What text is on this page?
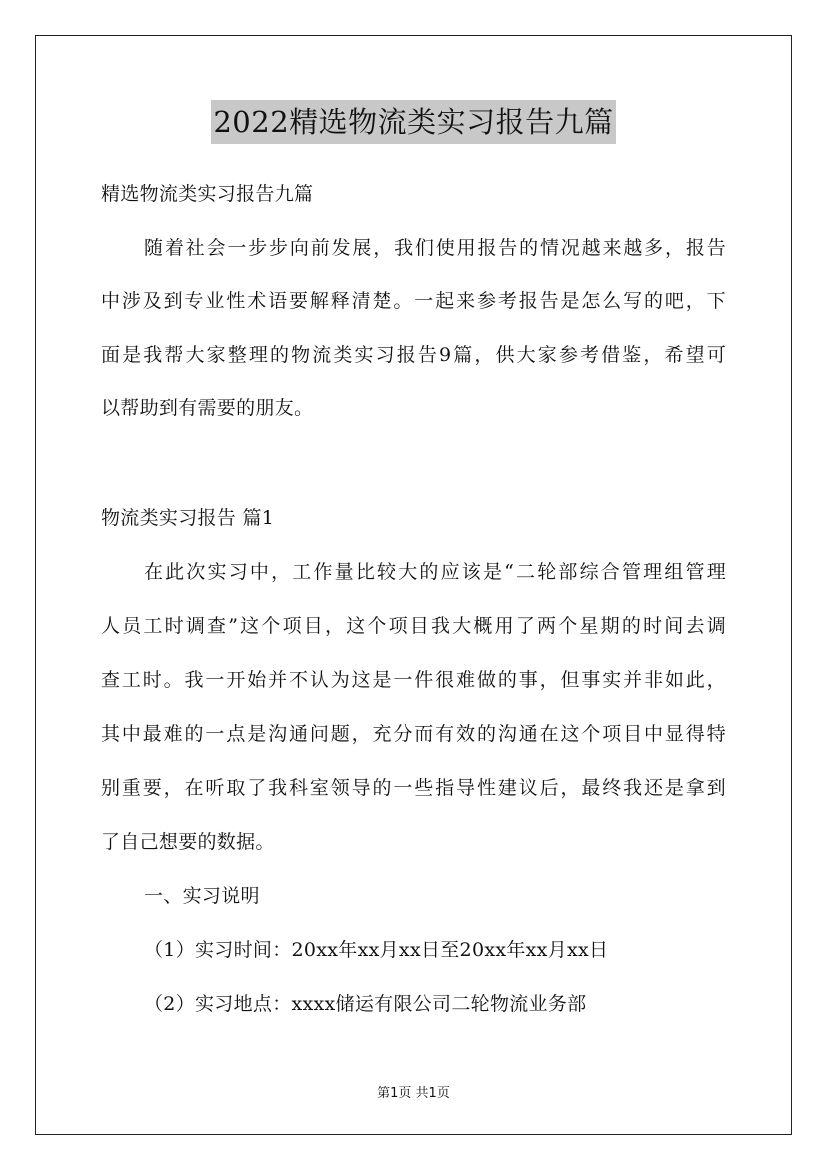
2022精选物流类实习报告九篇
精选物流类实习报告九篇
随着社会一步步向前发展，我们使用报告的情况越来越多，报告
中涉及到专业性术语要解释清楚。一起来参考报告是怎么写的吧，下
面是我帮大家整理的物流类实习报告9篇，供大家参考借鉴，希望可
以帮助到有需要的朋友。
物流类实习报告 篇1
在此次实习中，工作量比较大的应该是“二轮部综合管理组管理
人员工时调查”这个项目，这个项目我大概用了两个星期的时间去调
查工时。我一开始并不认为这是一件很难做的事，但事实并非如此，
其中最难的一点是沟通问题，充分而有效的沟通在这个项目中显得特
别重要，在听取了我科室领导的一些指导性建议后，最终我还是拿到
了自己想要的数据。
一、实习说明
（1）实习时间：20xx年xx月xx日至20xx年xx月xx日
（2）实习地点：xxxx储运有限公司二轮物流业务部
第1页 共1页
